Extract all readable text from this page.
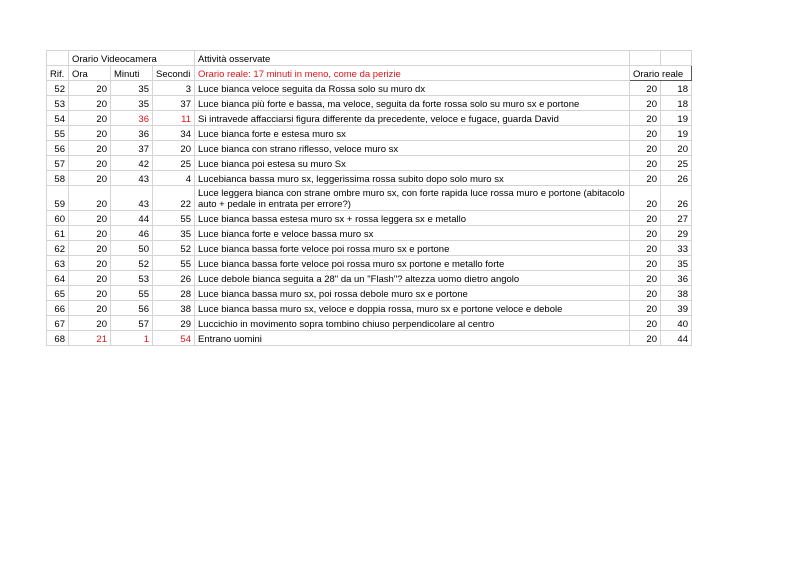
	Orario Videocamera			Attività osservate		
Rif.	Ora	Minuti	Secondi	Orario reale: 17 minuti in meno, come da perizie	Orario reale	
52	20	35	3	Luce bianca veloce seguita da Rossa solo su muro dx	20	18
53	20	35	37	Luce bianca più forte e bassa, ma veloce, seguita da forte rossa solo su muro sx e portone	20	18
54	20	36	11	Si intravede affacciarsi figura differente da precedente, veloce e fugace, guarda David	20	19
55	20	36	34	Luce bianca forte e estesa muro sx	20	19
56	20	37	20	Luce bianca con strano riflesso, veloce muro sx	20	20
57	20	42	25	Luce bianca poi estesa su muro Sx	20	25
58	20	43	4	Lucebianca bassa muro sx, leggerissima rossa subito dopo solo muro sx	20	26
59	20	43	22	Luce leggera bianca con strane ombre muro sx, con forte rapida luce rossa muro e portone (abitacolo auto + pedale in entrata per errore?)	20	26
60	20	44	55	Luce bianca bassa estesa muro sx + rossa leggera sx e metallo	20	27
61	20	46	35	Luce bianca forte e veloce bassa muro sx	20	29
62	20	50	52	Luce bianca bassa forte veloce poi rossa muro sx e portone	20	33
63	20	52	55	Luce bianca bassa forte veloce poi rossa muro sx portone e metallo forte	20	35
64	20	53	26	Luce debole bianca seguita a 28" da un "Flash"? altezza uomo dietro angolo	20	36
65	20	55	28	Luce bianca bassa muro sx, poi rossa debole muro sx e portone	20	38
66	20	56	38	Luce bianca bassa muro sx, veloce e doppia rossa, muro sx e portone veloce e debole	20	39
67	20	57	29	Luccichio in movimento sopra tombino chiuso perpendicolare al centro	20	40
68	21	1	54	Entrano uomini	20	44
